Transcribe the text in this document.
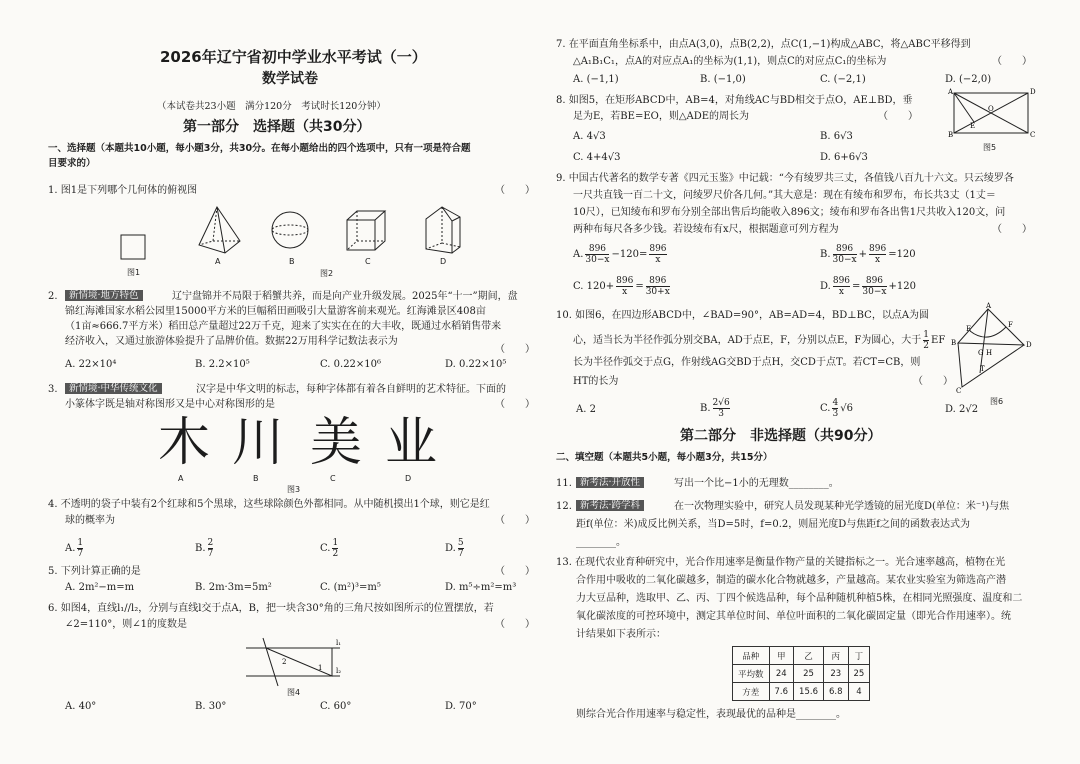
2026年辽宁省初中学业水平考试（一）
数学试卷
（本试卷共23小题　满分120分　考试时长120分钟）
第一部分　选择题（共30分）
一、选择题（本题共10小题，每小题3分，共30分。在每小题给出的四个选项中，只有一项是符合题
目要求的）
1. 图1是下列哪个几何体的俯视图	（　　）
图1
A	B	C	D
图2
2.	新情境·地方特色	辽宁盘锦并不局限于稻蟹共养，而是向产业升级发展。2025年“十一”期间，盘
锦红海滩国家水稻公园里15000平方米的巨幅稻田画吸引大量游客前来观光。红海滩景区408亩
（1亩≈666.7平方米）稻田总产量超过22万千克，迎来了实实在在的大丰收，既通过水稻销售带来
经济收入，又通过旅游体验提升了品牌价值。数据22万用科学记数法表示为
（　　）
A. 22×10⁴	B. 2.2×10⁵	C. 0.22×10⁶	D. 0.22×10⁵
3.	新情境·中华传统文化	汉字是中华文明的标志，每种字体都有着各自鲜明的艺术特征。下面的
小篆体字既是轴对称图形又是中心对称图形的是	（　　）
木 川 美 业
A	B	C	D
图3
4. 不透明的袋子中装有2个红球和5个黑球，这些球除颜色外都相同。从中随机摸出1个球，则它是红
球的概率为	（　　）
A. $\frac{1}{7}$	B. $\frac{2}{7}$	C. $\frac{1}{2}$	D. $\frac{5}{7}$
5. 下列计算正确的是	（　　）
A. 2m²−m=m	B. 2m·3m=5m²	C. (m²)³=m⁵	D. m⁵÷m²=m³
6. 如图4，直线l₁//l₂，分别与直线l交于点A，B，把一块含30°角的三角尺按如图所示的位置摆放，若
∠2=110°，则∠1的度数是	（　　）
l₁
l₂
2
1
图4
A. 40°	B. 30°	C. 60°	D. 70°
7. 在平面直角坐标系中，由点A(3,0)，点B(2,2)，点C(1,−1)构成△ABC，将△ABC平移得到
△A₁B₁C₁，点A的对应点A₁的坐标为(1,1)，则点C的对应点C₁的坐标为	（　　）
A. (−1,1)	B. (−1,0)	C. (−2,1)	D. (−2,0)
8. 如图5，在矩形ABCD中，AB=4，对角线AC与BD相交于点O，AE⊥BD，垂
足为E，若BE=EO，则△ADE的周长为	（　　）
A. 4√3	B. 6√3
C. 4+4√3	D. 6+6√3
A	D
B	C
O
E
图5
9. 中国古代著名的数学专著《四元玉鉴》中记载：“今有绫罗共三丈，各值钱八百九十六文。只云绫罗各
一尺共直钱一百二十文，问绫罗尺价各几何。”其大意是：现在有绫布和罗布，布长共3丈（1丈＝
10尺），已知绫布和罗布分别全部出售后均能收入896文；绫布和罗布各出售1尺共收入120文，问
两种布每尺各多少钱。若设绫布有x尺，根据题意可列方程为	（　　）
A. $\frac{896}{30-x} -120= \frac{896}{x}$	B. $\frac{896}{30-x} + \frac{896}{x} =120$
C. $120+ \frac{896}{x} = \frac{896}{30+x}$	D. $\frac{896}{x} = \frac{896}{30-x} +120$
10. 如图6，在四边形ABCD中，∠BAD=90°，AB=AD=4，BD⊥BC，以点A为圆
心，适当长为半径作弧分别交BA，AD于点E，F，分别以点E，F为圆心，大于 $\frac{1}{2}$ EF
长为半径作弧交于点G，作射线AG交BD于点H，交CD于点T。若CT=CB，则
HT的长为	（　　）
A
B	D
C
E	F
G H
T
图6
A. 2	B. $\frac{2√6}{3}$	C. $\frac{4}{3} √6$	D. 2√2
第二部分　非选择题（共90分）
二、填空题（本题共5小题，每小题3分，共15分）
11. 新考法·开放性	写出一个比−1小的无理数________。
12. 新考法·跨学科	在一次物理实验中，研究人员发现某种光学透镜的屈光度D(单位：米⁻¹)与焦
距f(单位：米)成反比例关系，当D=5时，f=0.2，则屈光度D与焦距f之间的函数表达式为
________。
13. 在现代农业育种研究中，光合作用速率是衡量作物产量的关键指标之一。光合速率越高，植物在光
合作用中吸收的二氧化碳越多，制造的碳水化合物就越多，产量越高。某农业实验室为筛选高产潜
力大豆品种，选取甲、乙、丙、丁四个候选品种，每个品种随机种植5株，在相同光照强度、温度和二
氧化碳浓度的可控环境中，测定其单位时间、单位叶面积的二氧化碳固定量（即光合作用速率）。统
计结果如下表所示：
品种	甲	乙	丙	丁
平均数	24	25	23	25
方差	7.6	15.6	6.8	4
则综合光合作用速率与稳定性，表现最优的品种是________。
